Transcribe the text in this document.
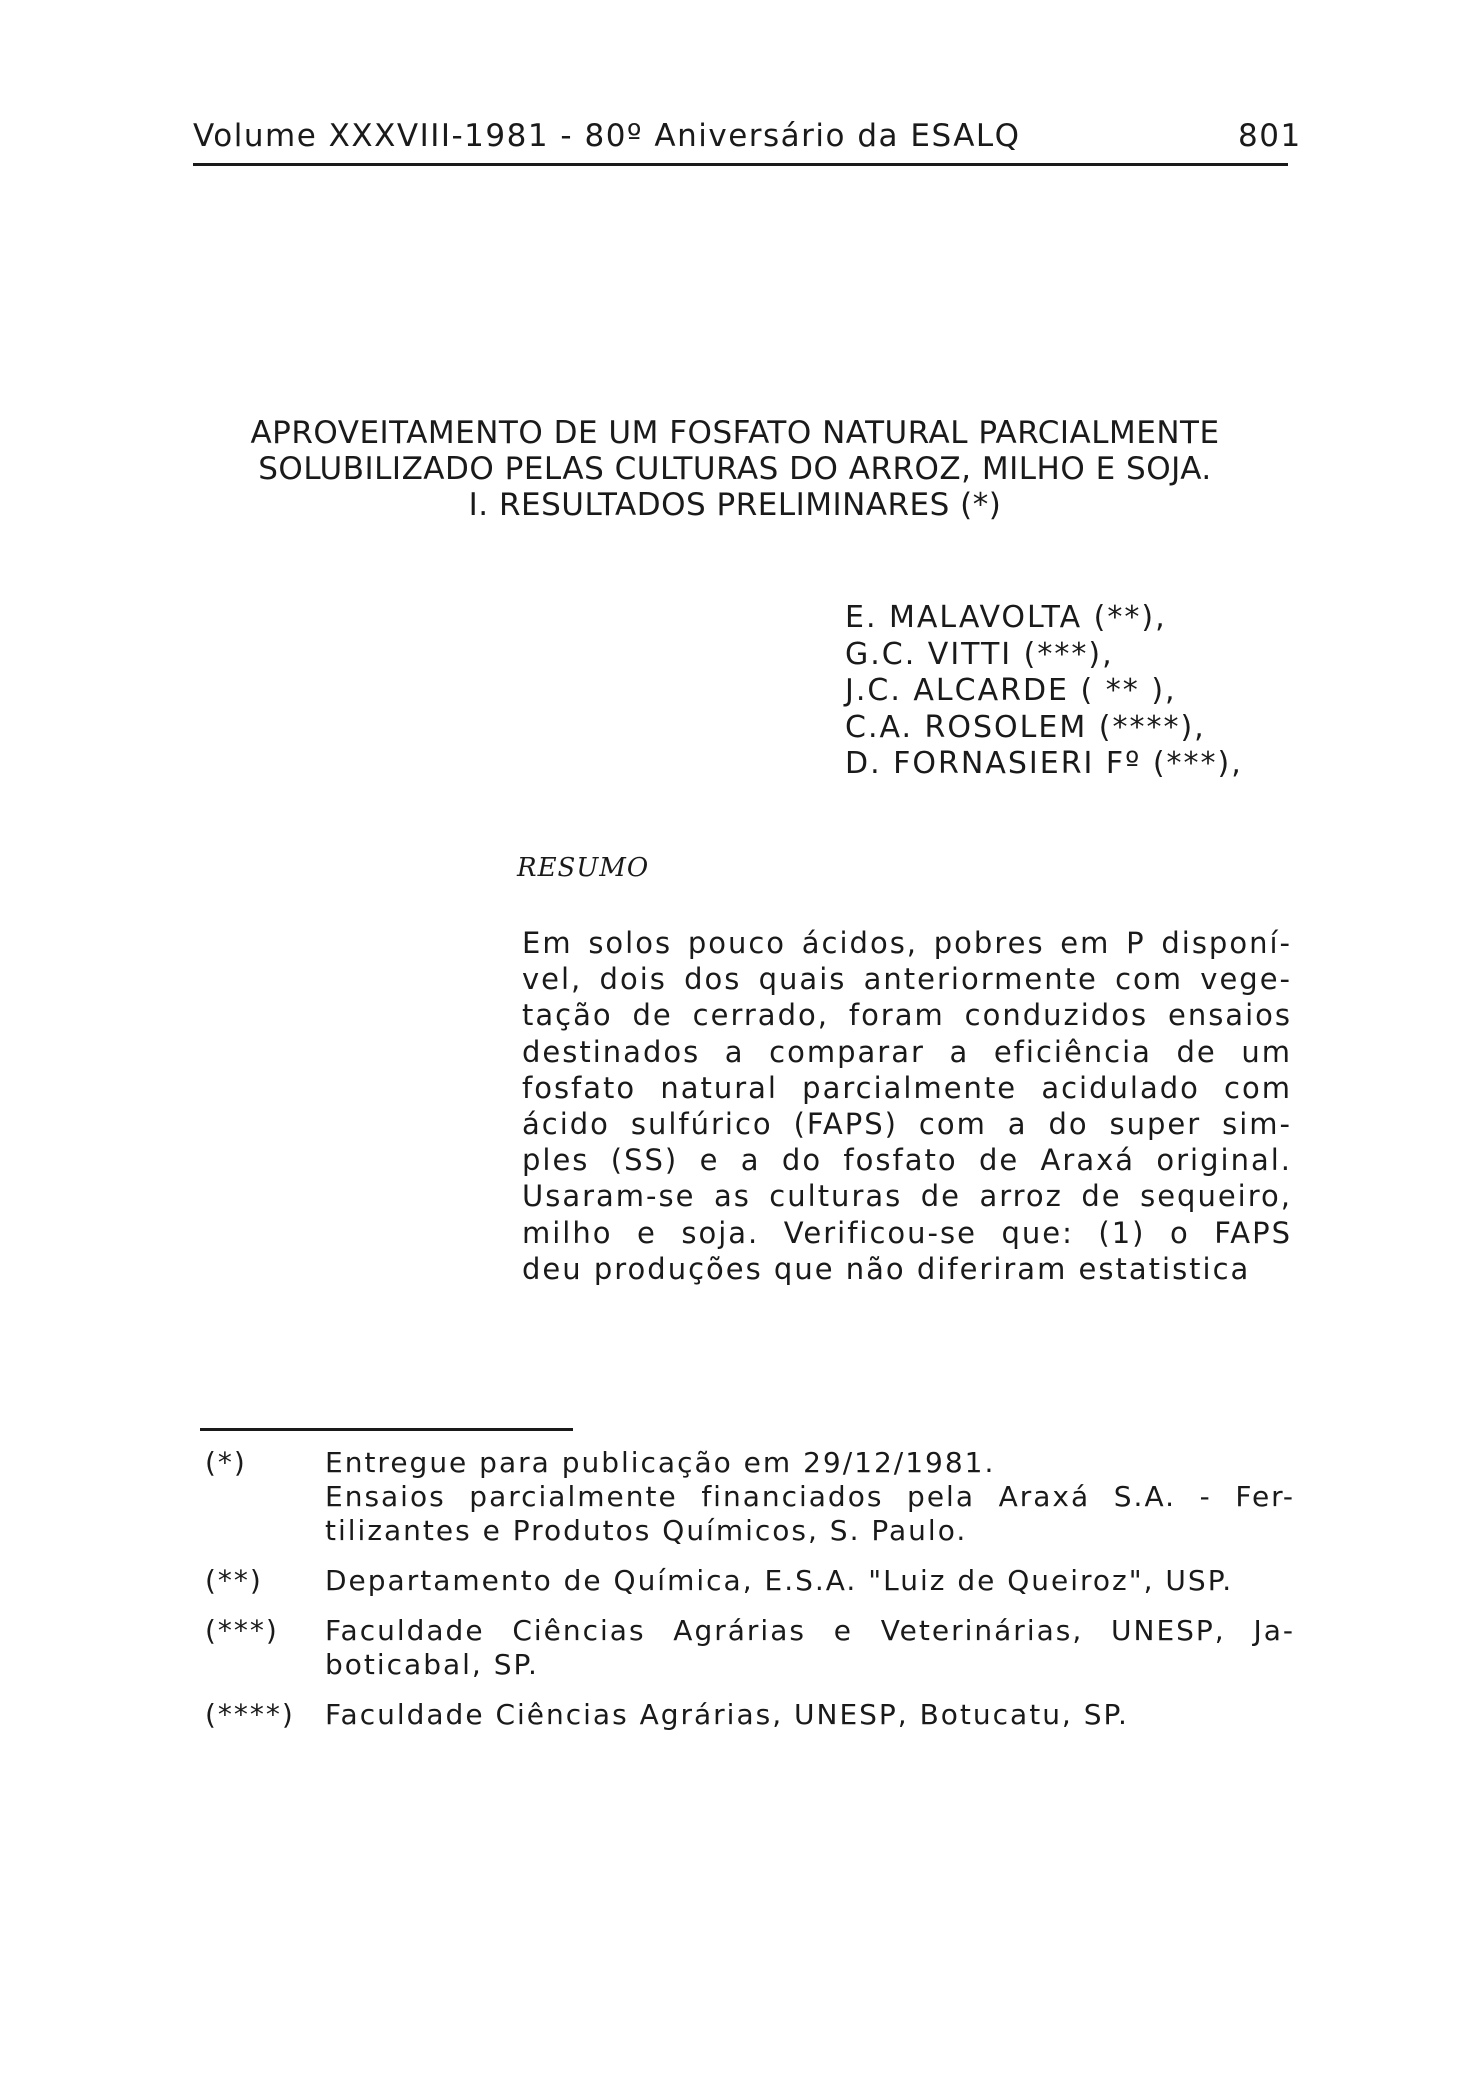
Volume XXXVIII-1981 - 80º Aniversário da ESALQ	801
APROVEITAMENTO DE UM FOSFATO NATURAL PARCIALMENTE
SOLUBILIZADO PELAS CULTURAS DO ARROZ, MILHO E SOJA.
I. RESULTADOS PRELIMINARES (*)
E. MALAVOLTA (**),
G.C. VITTI (***),
J.C. ALCARDE ( ** ),
C.A. ROSOLEM (****),
D. FORNASIERI Fº (***),
RESUMO
Em solos pouco ácidos, pobres em P disponí-
vel, dois dos quais anteriormente com vege-
tação de cerrado, foram conduzidos ensaios
destinados a comparar a eficiência de um
fosfato natural parcialmente acidulado com
ácido sulfúrico (FAPS) com a do super sim-
ples (SS) e a do fosfato de Araxá original.
Usaram-se as culturas de arroz de sequeiro,
milho e soja. Verificou-se que: (1) o FAPS
deu produções que não diferiram estatistica
(*)	Entregue para publicação em 29/12/1981.
Ensaios parcialmente financiados pela Araxá S.A. - Fer-
tilizantes e Produtos Químicos, S. Paulo.
(**) Departamento de Química, E.S.A. "Luiz de Queiroz", USP.
(***) Faculdade Ciências Agrárias e Veterinárias, UNESP, Ja-
boticabal, SP.
(****) Faculdade Ciências Agrárias, UNESP, Botucatu, SP.
